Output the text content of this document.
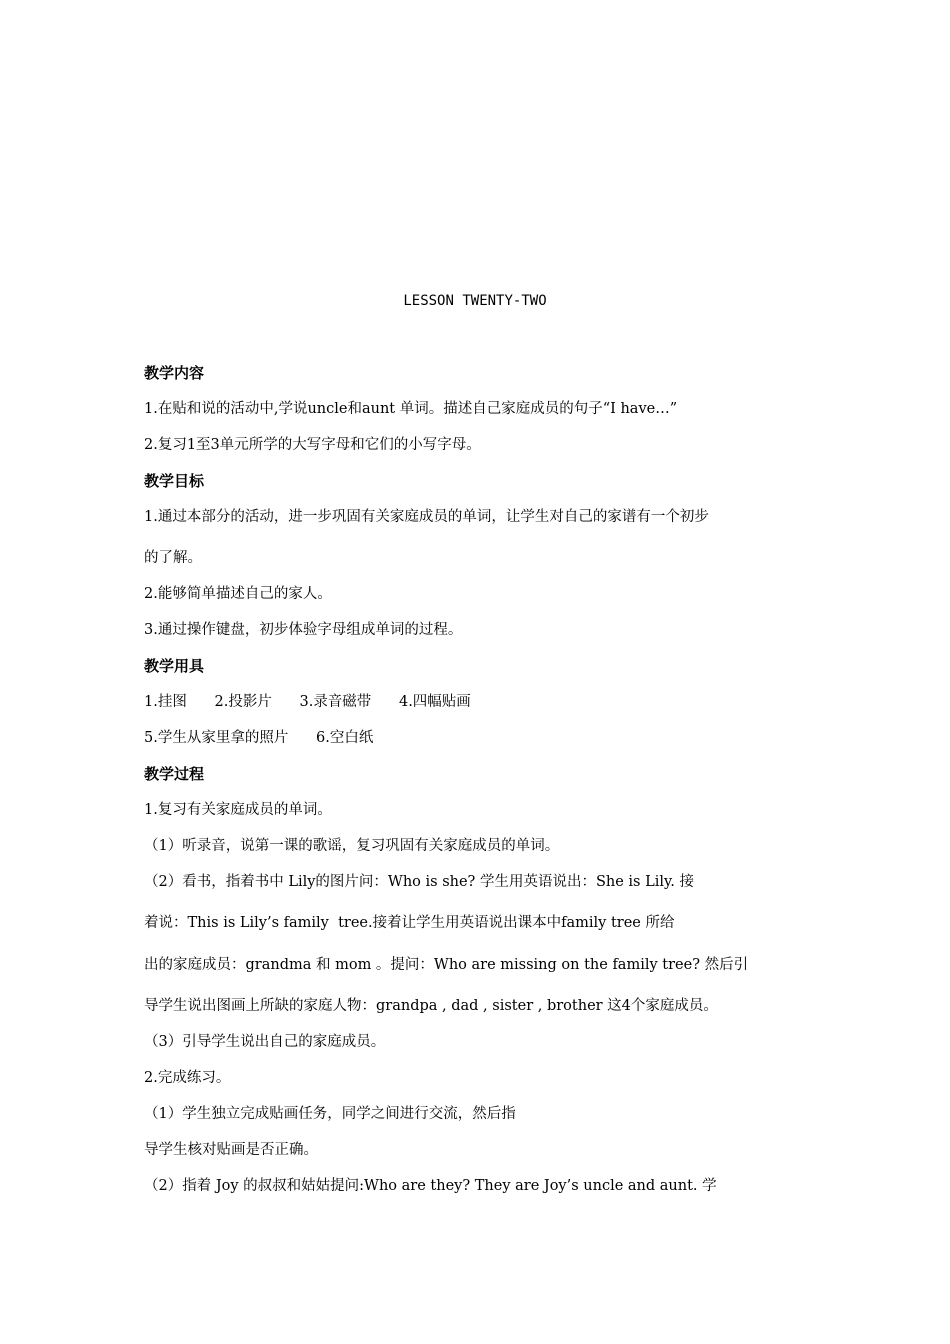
LESSON TWENTY-TWO
教学内容
1.在贴和说的活动中,学说uncle和aunt 单词。描述自己家庭成员的句子“I have…”
2.复习1至3单元所学的大写字母和它们的小写字母。
教学目标
1.通过本部分的活动，进一步巩固有关家庭成员的单词，让学生对自己的家谱有一个初步
的了解。
2.能够简单描述自己的家人。
3.通过操作键盘，初步体验字母组成单词的过程。
教学用具
1.挂图      2.投影片      3.录音磁带      4.四幅贴画
5.学生从家里拿的照片      6.空白纸
教学过程
1.复习有关家庭成员的单词。
（1）听录音，说第一课的歌谣，复习巩固有关家庭成员的单词。
（2）看书，指着书中 Lily的图片问：Who is she? 学生用英语说出：She is Lily. 接
着说：This is Lily’s family  tree.接着让学生用英语说出课本中family tree 所给
出的家庭成员：grandma 和 mom 。提问：Who are missing on the family tree? 然后引
导学生说出图画上所缺的家庭人物：grandpa , dad , sister , brother 这4个家庭成员。
（3）引导学生说出自己的家庭成员。
2.完成练习。
（1）学生独立完成贴画任务，同学之间进行交流，然后指
导学生核对贴画是否正确。
（2）指着 Joy 的叔叔和姑姑提问:Who are they? They are Joy’s uncle and aunt. 学
